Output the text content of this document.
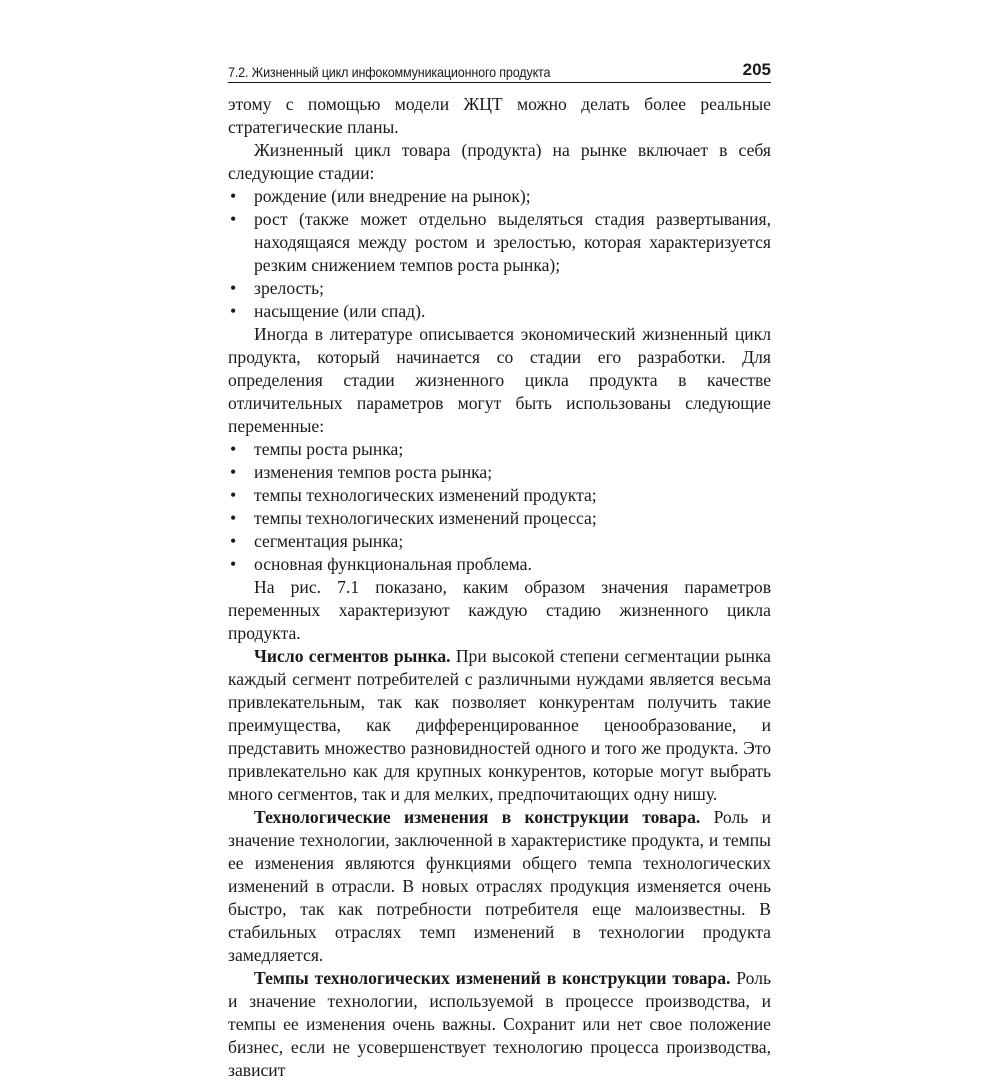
7.2. Жизненный цикл инфокоммуникационного продукта	205

этому с помощью модели ЖЦТ можно делать более реальные стратегические планы.

Жизненный цикл товара (продукта) на рынке включает в себя следующие стадии:

• рождение (или внедрение на рынок);
• рост (также может отдельно выделяться стадия развертывания, находящаяся между ростом и зрелостью, которая характеризуется резким снижением темпов роста рынка);
• зрелость;
• насыщение (или спад).

Иногда в литературе описывается экономический жизненный цикл продукта, который начинается со стадии его разработки. Для определения стадии жизненного цикла продукта в качестве отличительных параметров могут быть использованы следующие переменные:

• темпы роста рынка;
• изменения темпов роста рынка;
• темпы технологических изменений продукта;
• темпы технологических изменений процесса;
• сегментация рынка;
• основная функциональная проблема.

На рис. 7.1 показано, каким образом значения параметров переменных характеризуют каждую стадию жизненного цикла продукта.

Число сегментов рынка. При высокой степени сегментации рынка каждый сегмент потребителей с различными нуждами является весьма привлекательным, так как позволяет конкурентам получить такие преимущества, как дифференцированное ценообразование, и представить множество разновидностей одного и того же продукта. Это привлекательно как для крупных конкурентов, которые могут выбрать много сегментов, так и для мелких, предпочитающих одну нишу.

Технологические изменения в конструкции товара. Роль и значение технологии, заключенной в характеристике продукта, и темпы ее изменения являются функциями общего темпа технологических изменений в отрасли. В новых отраслях продукция изменяется очень быстро, так как потребности потребителя еще малоизвестны. В стабильных отраслях темп изменений в технологии продукта замедляется.

Темпы технологических изменений в конструкции товара. Роль и значение технологии, используемой в процессе производства, и темпы ее изменения очень важны. Сохранит или нет свое положение бизнес, если не усовершенствует технологию процесса производства, зависит
